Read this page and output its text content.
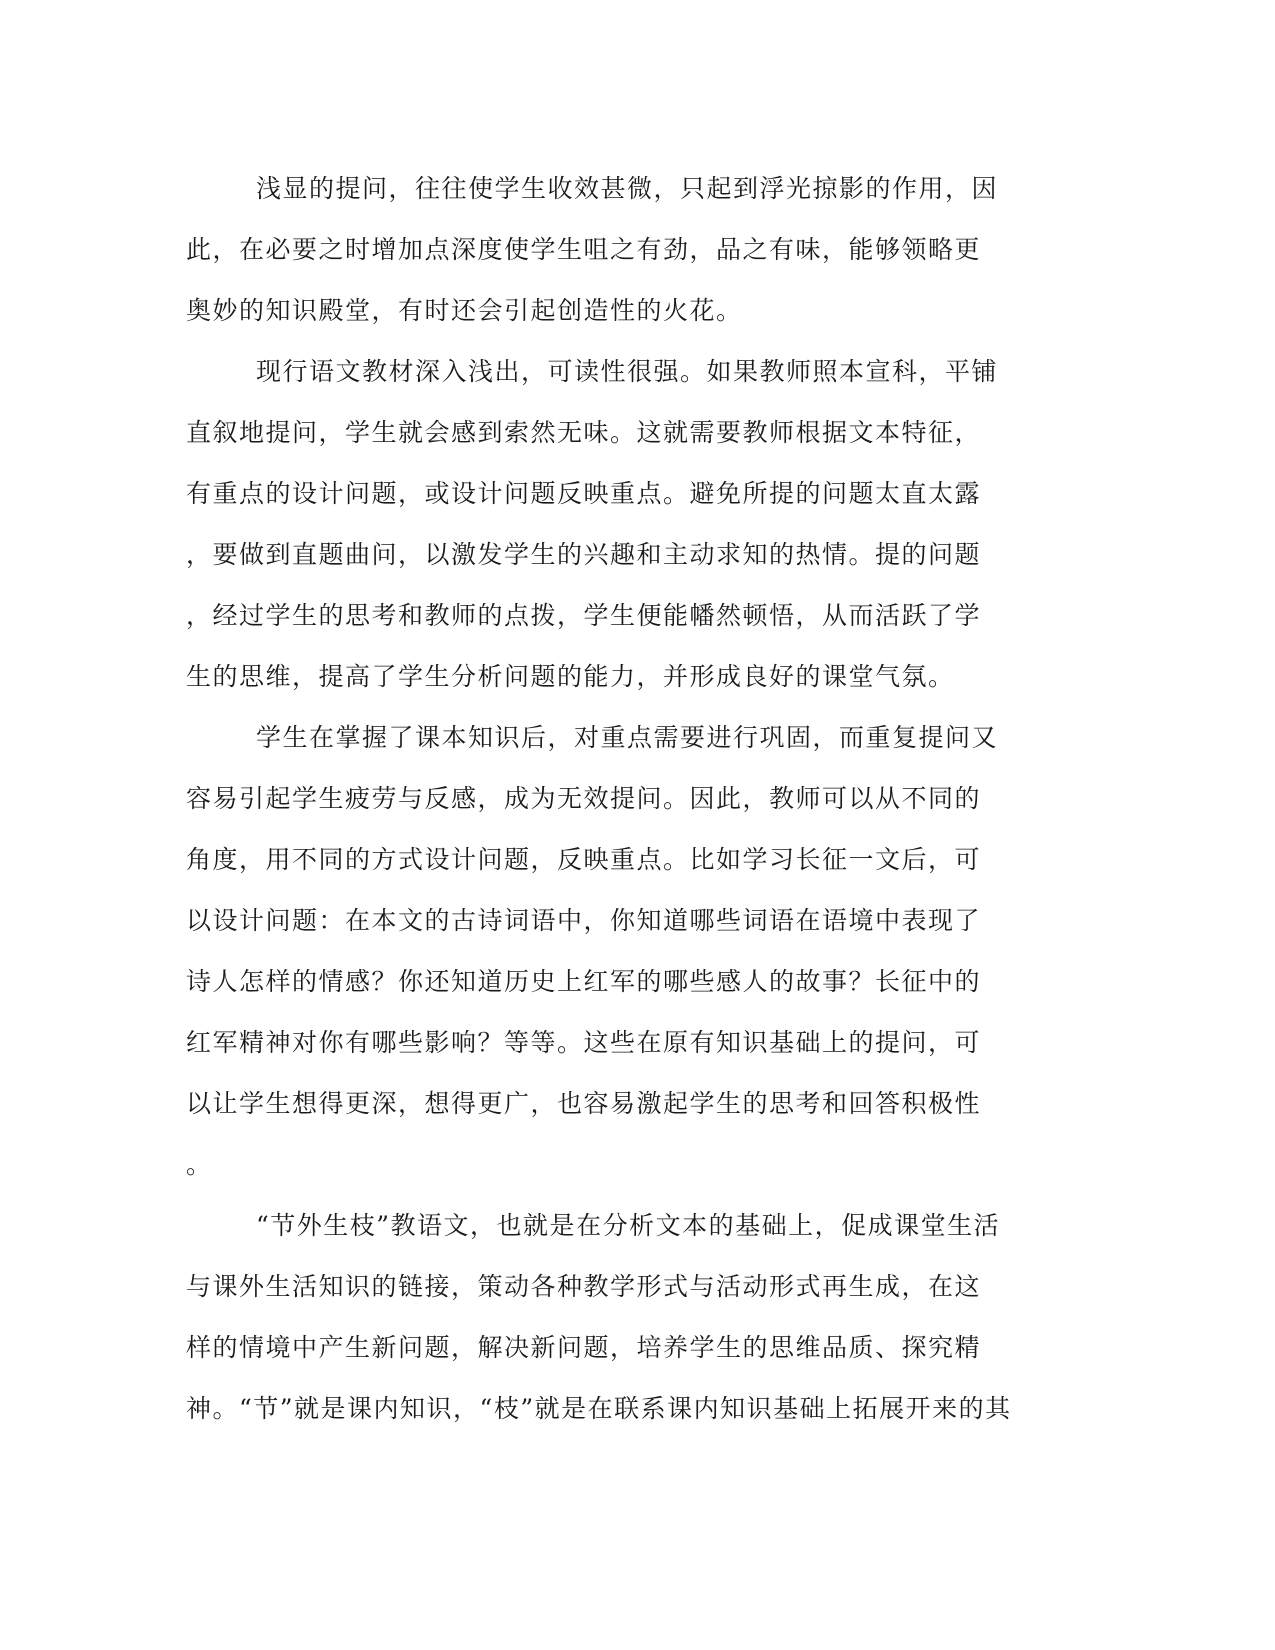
浅显的提问，往往使学生收效甚微，只起到浮光掠影的作用，因
此，在必要之时增加点深度使学生咀之有劲，品之有味，能够领略更
奥妙的知识殿堂，有时还会引起创造性的火花。
现行语文教材深入浅出，可读性很强。如果教师照本宣科，平铺
直叙地提问，学生就会感到索然无味。这就需要教师根据文本特征，
有重点的设计问题，或设计问题反映重点。避免所提的问题太直太露
，要做到直题曲问，以激发学生的兴趣和主动求知的热情。提的问题
，经过学生的思考和教师的点拨，学生便能幡然顿悟，从而活跃了学
生的思维，提高了学生分析问题的能力，并形成良好的课堂气氛。
学生在掌握了课本知识后，对重点需要进行巩固，而重复提问又
容易引起学生疲劳与反感，成为无效提问。因此，教师可以从不同的
角度，用不同的方式设计问题，反映重点。比如学习长征一文后，可
以设计问题：在本文的古诗词语中，你知道哪些词语在语境中表现了
诗人怎样的情感？你还知道历史上红军的哪些感人的故事？长征中的
红军精神对你有哪些影响？等等。这些在原有知识基础上的提问，可
以让学生想得更深，想得更广，也容易激起学生的思考和回答积极性
。
“节外生枝”教语文，也就是在分析文本的基础上，促成课堂生活
与课外生活知识的链接，策动各种教学形式与活动形式再生成，在这
样的情境中产生新问题，解决新问题，培养学生的思维品质、探究精
神。“节”就是课内知识，“枝”就是在联系课内知识基础上拓展开来的其
